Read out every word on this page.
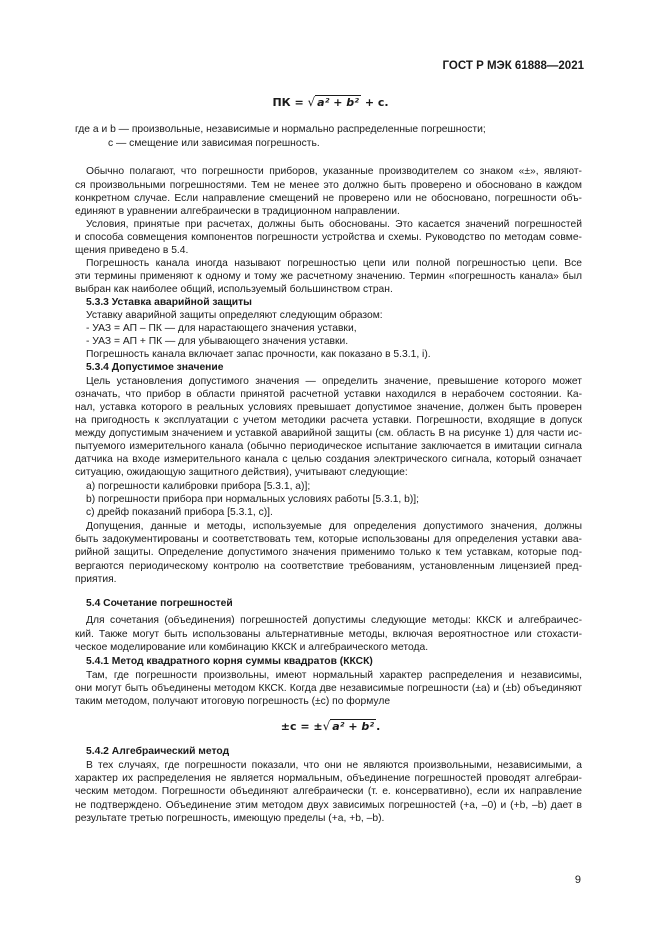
ГОСТ Р МЭК 61888—2021
ПК = √ a² + b² + c.
где a и b — произвольные, независимые и нормально распределенные погрешности;
c — смещение или зависимая погрешность.
Обычно полагают, что погрешности приборов, указанные производителем со знаком «±», являют-
ся произвольными погрешностями. Тем не менее это должно быть проверено и обосновано в каждом
конкретном случае. Если направление смещений не проверено или не обосновано, погрешности объ-
единяют в уравнении алгебраически в традиционном направлении.
Условия, принятые при расчетах, должны быть обоснованы. Это касается значений погрешностей
и способа совмещения компонентов погрешности устройства и схемы. Руководство по методам совме-
щения приведено в 5.4.
Погрешность канала иногда называют погрешностью цепи или полной погрешностью цепи. Все
эти термины применяют к одному и тому же расчетному значению. Термин «погрешность канала» был
выбран как наиболее общий, используемый большинством стран.
5.3.3 Уставка аварийной защиты
Уставку аварийной защиты определяют следующим образом:
- УАЗ = АП – ПК — для нарастающего значения уставки,
- УАЗ = АП + ПК — для убывающего значения уставки.
Погрешность канала включает запас прочности, как показано в 5.3.1, i).
5.3.4 Допустимое значение
Цель установления допустимого значения — определить значение, превышение которого может
означать, что прибор в области принятой расчетной уставки находился в нерабочем состоянии. Ка-
нал, уставка которого в реальных условиях превышает допустимое значение, должен быть проверен
на пригодность к эксплуатации с учетом методики расчета уставки. Погрешности, входящие в допуск
между допустимым значением и уставкой аварийной защиты (см. область В на рисунке 1) для части ис-
пытуемого измерительного канала (обычно периодическое испытание заключается в имитации сигнала
датчика на входе измерительного канала с целью создания электрического сигнала, который означает
ситуацию, ожидающую защитного действия), учитывают следующие:
а) погрешности калибровки прибора [5.3.1, a)];
b) погрешности прибора при нормальных условиях работы [5.3.1, b)];
c) дрейф показаний прибора [5.3.1, c)].
Допущения, данные и методы, используемые для определения допустимого значения, должны
быть задокументированы и соответствовать тем, которые использованы для определения уставки ава-
рийной защиты. Определение допустимого значения применимо только к тем уставкам, которые под-
вергаются периодическому контролю на соответствие требованиям, установленным лицензией пред-
приятия.
5.4 Сочетание погрешностей
Для сочетания (объединения) погрешностей допустимы следующие методы: ККСК и алгебраичес-
кий. Также могут быть использованы альтернативные методы, включая вероятностное или стохасти-
ческое моделирование или комбинацию ККСК и алгебраического метода.
5.4.1 Метод квадратного корня суммы квадратов (ККСК)
Там, где погрешности произвольны, имеют нормальный характер распределения и независимы,
они могут быть объединены методом ККСК. Когда две независимые погрешности (±a) и (±b) объединяют
таким методом, получают итоговую погрешность (±c) по формуле
±c = ±√ a² + b² .
5.4.2 Алгебраический метод
В тех случаях, где погрешности показали, что они не являются произвольными, независимыми, а
характер их распределения не является нормальным, объединение погрешностей проводят алгебраи-
ческим методом. Погрешности объединяют алгебраически (т. е. консервативно), если их направление
не подтверждено. Объединение этим методом двух зависимых погрешностей (+a, –0) и (+b, –b) дает в
результате третью погрешность, имеющую пределы (+a, +b, –b).
9
